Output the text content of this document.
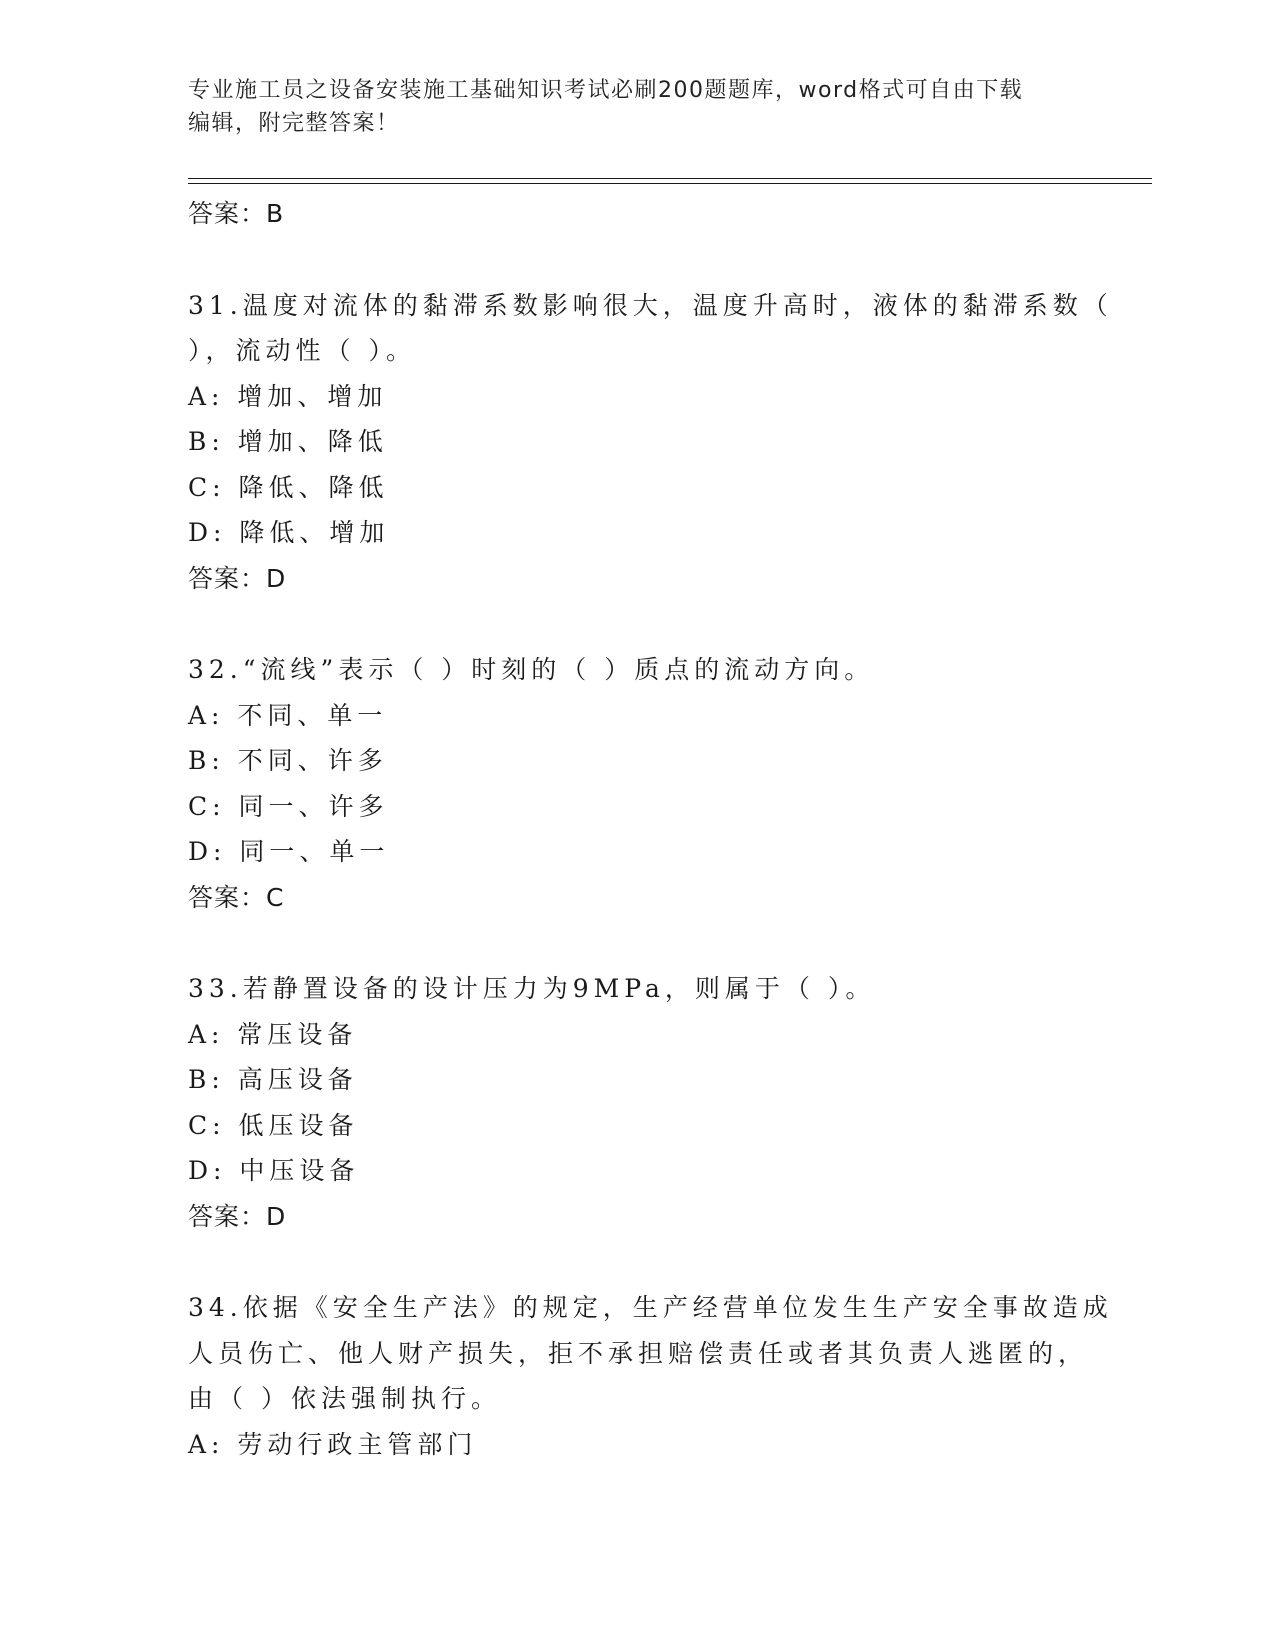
专业施工员之设备安装施工基础知识考试必刷200题题库，word格式可自由下载
编辑，附完整答案！
答案：B
31.温度对流体的黏滞系数影响很大，温度升高时，液体的黏滞系数（
），流动性（ ）。
A: 增加、增加
B: 增加、降低
C: 降低、降低
D: 降低、增加
答案：D
32.“流线”表示（ ）时刻的（ ）质点的流动方向。
A: 不同、单一
B: 不同、许多
C: 同一、许多
D: 同一、单一
答案：C
33.若静置设备的设计压力为9MPa，则属于（ ）。
A: 常压设备
B: 高压设备
C: 低压设备
D: 中压设备
答案：D
34.依据《安全生产法》的规定，生产经营单位发生生产安全事故造成
人员伤亡、他人财产损失，拒不承担赔偿责任或者其负责人逃匿的，
由（ ）依法强制执行。
A: 劳动行政主管部门
